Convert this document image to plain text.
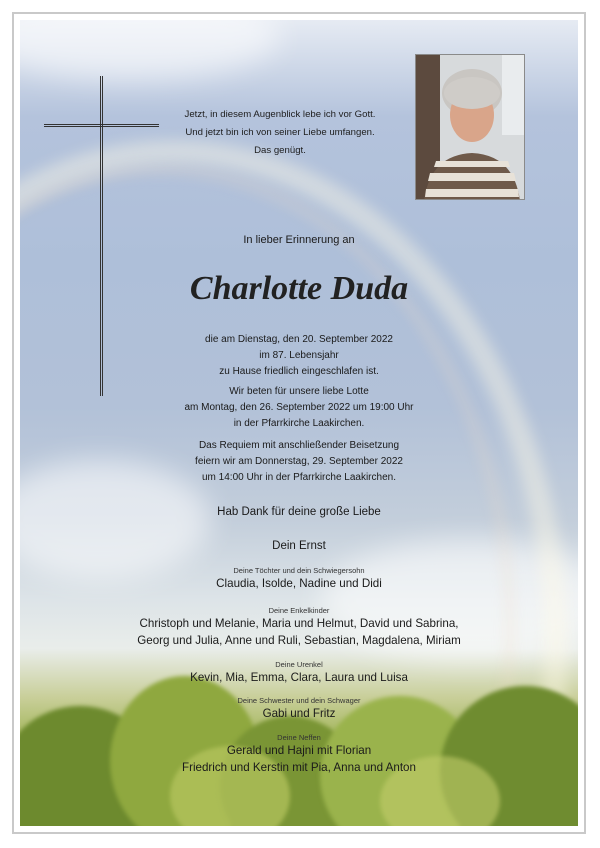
Jetzt, in diesem Augenblick lebe ich vor Gott.
Und jetzt bin ich von seiner Liebe umfangen.
Das genügt.
In lieber Erinnerung an
Charlotte Duda
die am Dienstag, den 20. September 2022
im 87. Lebensjahr
zu Hause friedlich eingeschlafen ist.
Wir beten für unsere liebe Lotte
am Montag, den 26. September 2022 um 19:00 Uhr
in der Pfarrkirche Laakirchen.
Das Requiem mit anschließender Beisetzung
feiern wir am Donnerstag, 29. September 2022
um 14:00 Uhr in der Pfarrkirche Laakirchen.
Hab Dank für deine große Liebe
Dein Ernst
Deine Töchter und dein Schwiegersohn
Claudia, Isolde, Nadine und Didi
Deine Enkelkinder
Christoph und Melanie, Maria und Helmut, David und Sabrina,
Georg und Julia, Anne und Ruli, Sebastian, Magdalena, Miriam
Deine Urenkel
Kevin, Mia, Emma, Clara, Laura und Luisa
Deine Schwester und dein Schwager
Gabi und Fritz
Deine Neffen
Gerald und Hajni mit Florian
Friedrich und Kerstin mit Pia, Anna und Anton
